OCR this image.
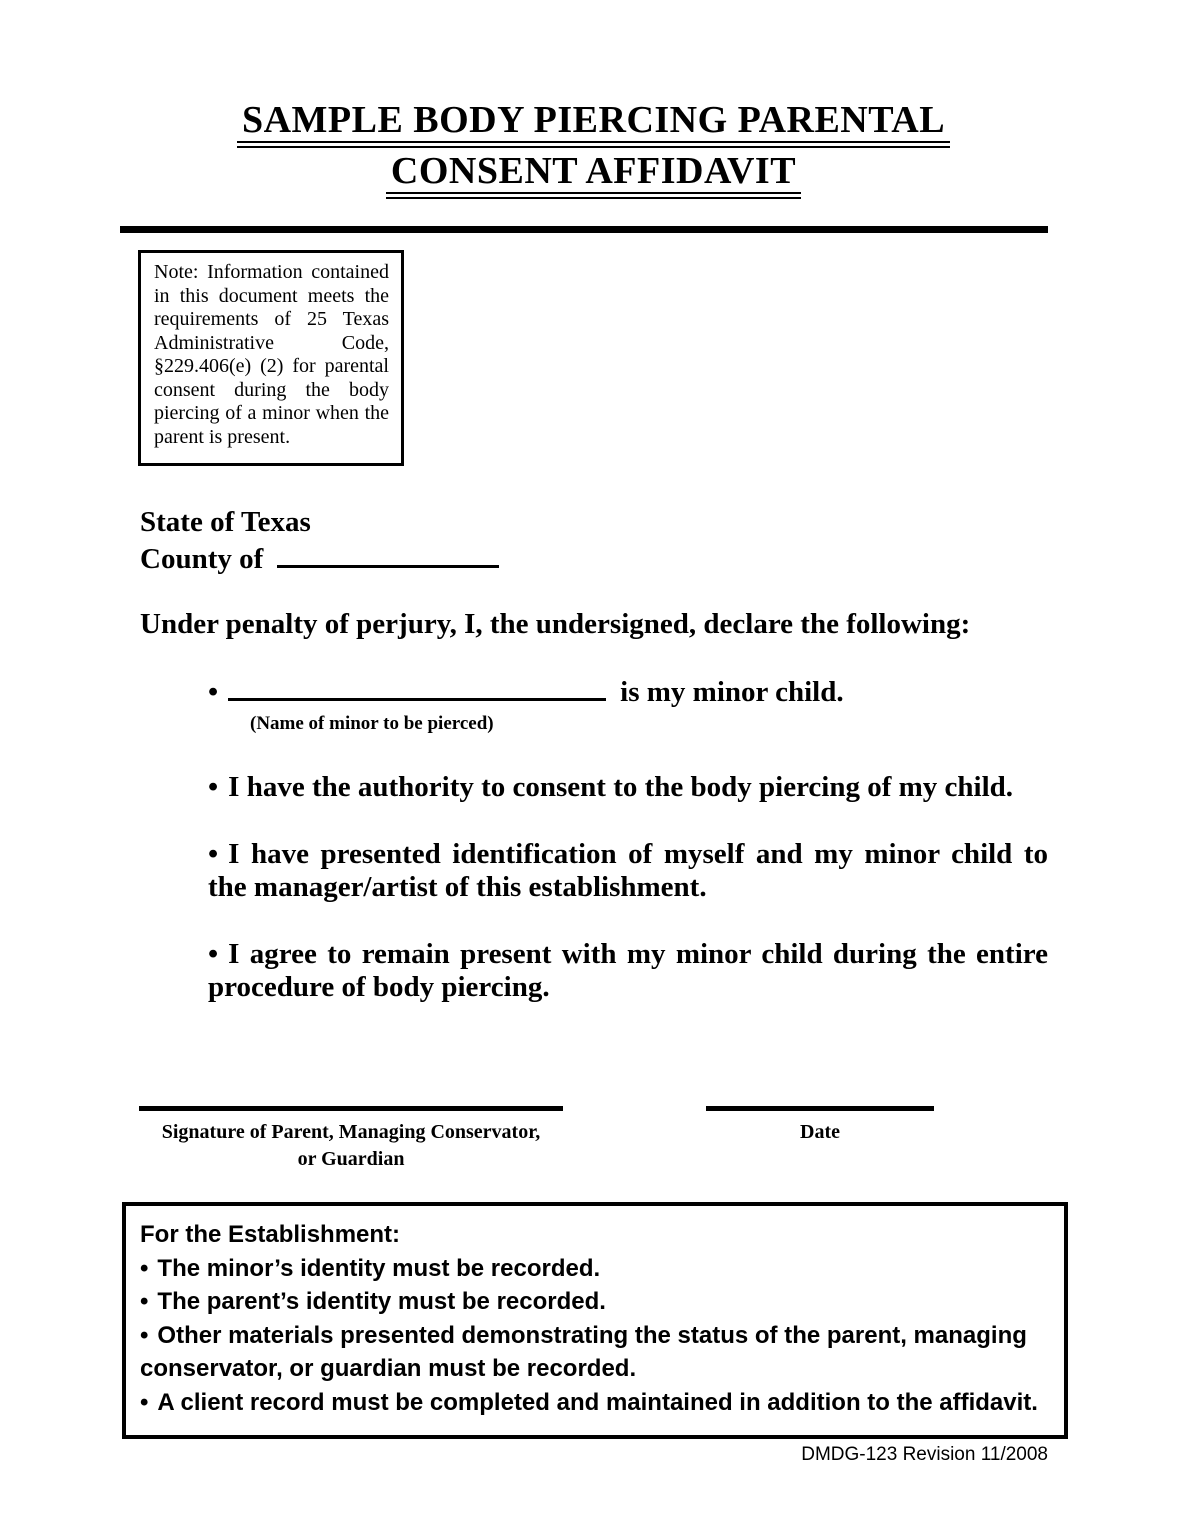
SAMPLE BODY PIERCING PARENTAL
CONSENT AFFIDAVIT
Note: Information contained in this document meets the requirements of 25 Texas Administrative Code, §229.406(e) (2) for parental consent during the body piercing of a minor when the parent is present.
State of Texas
County of
Under penalty of perjury, I, the undersigned, declare the following:
•	is my minor child.
(Name of minor to be pierced)
• I have the authority to consent to the body piercing of my child.
• I have presented identification of myself and my minor child to the manager/artist of this establishment.
• I agree to remain present with my minor child during the entire procedure of body piercing.
Signature of Parent, Managing Conservator,
or Guardian
Date
For the Establishment:
• The minor’s identity must be recorded.
• The parent’s identity must be recorded.
• Other materials presented demonstrating the status of the parent, managing conservator, or guardian must be recorded.
• A client record must be completed and maintained in addition to the affidavit.
DMDG-123 Revision 11/2008
